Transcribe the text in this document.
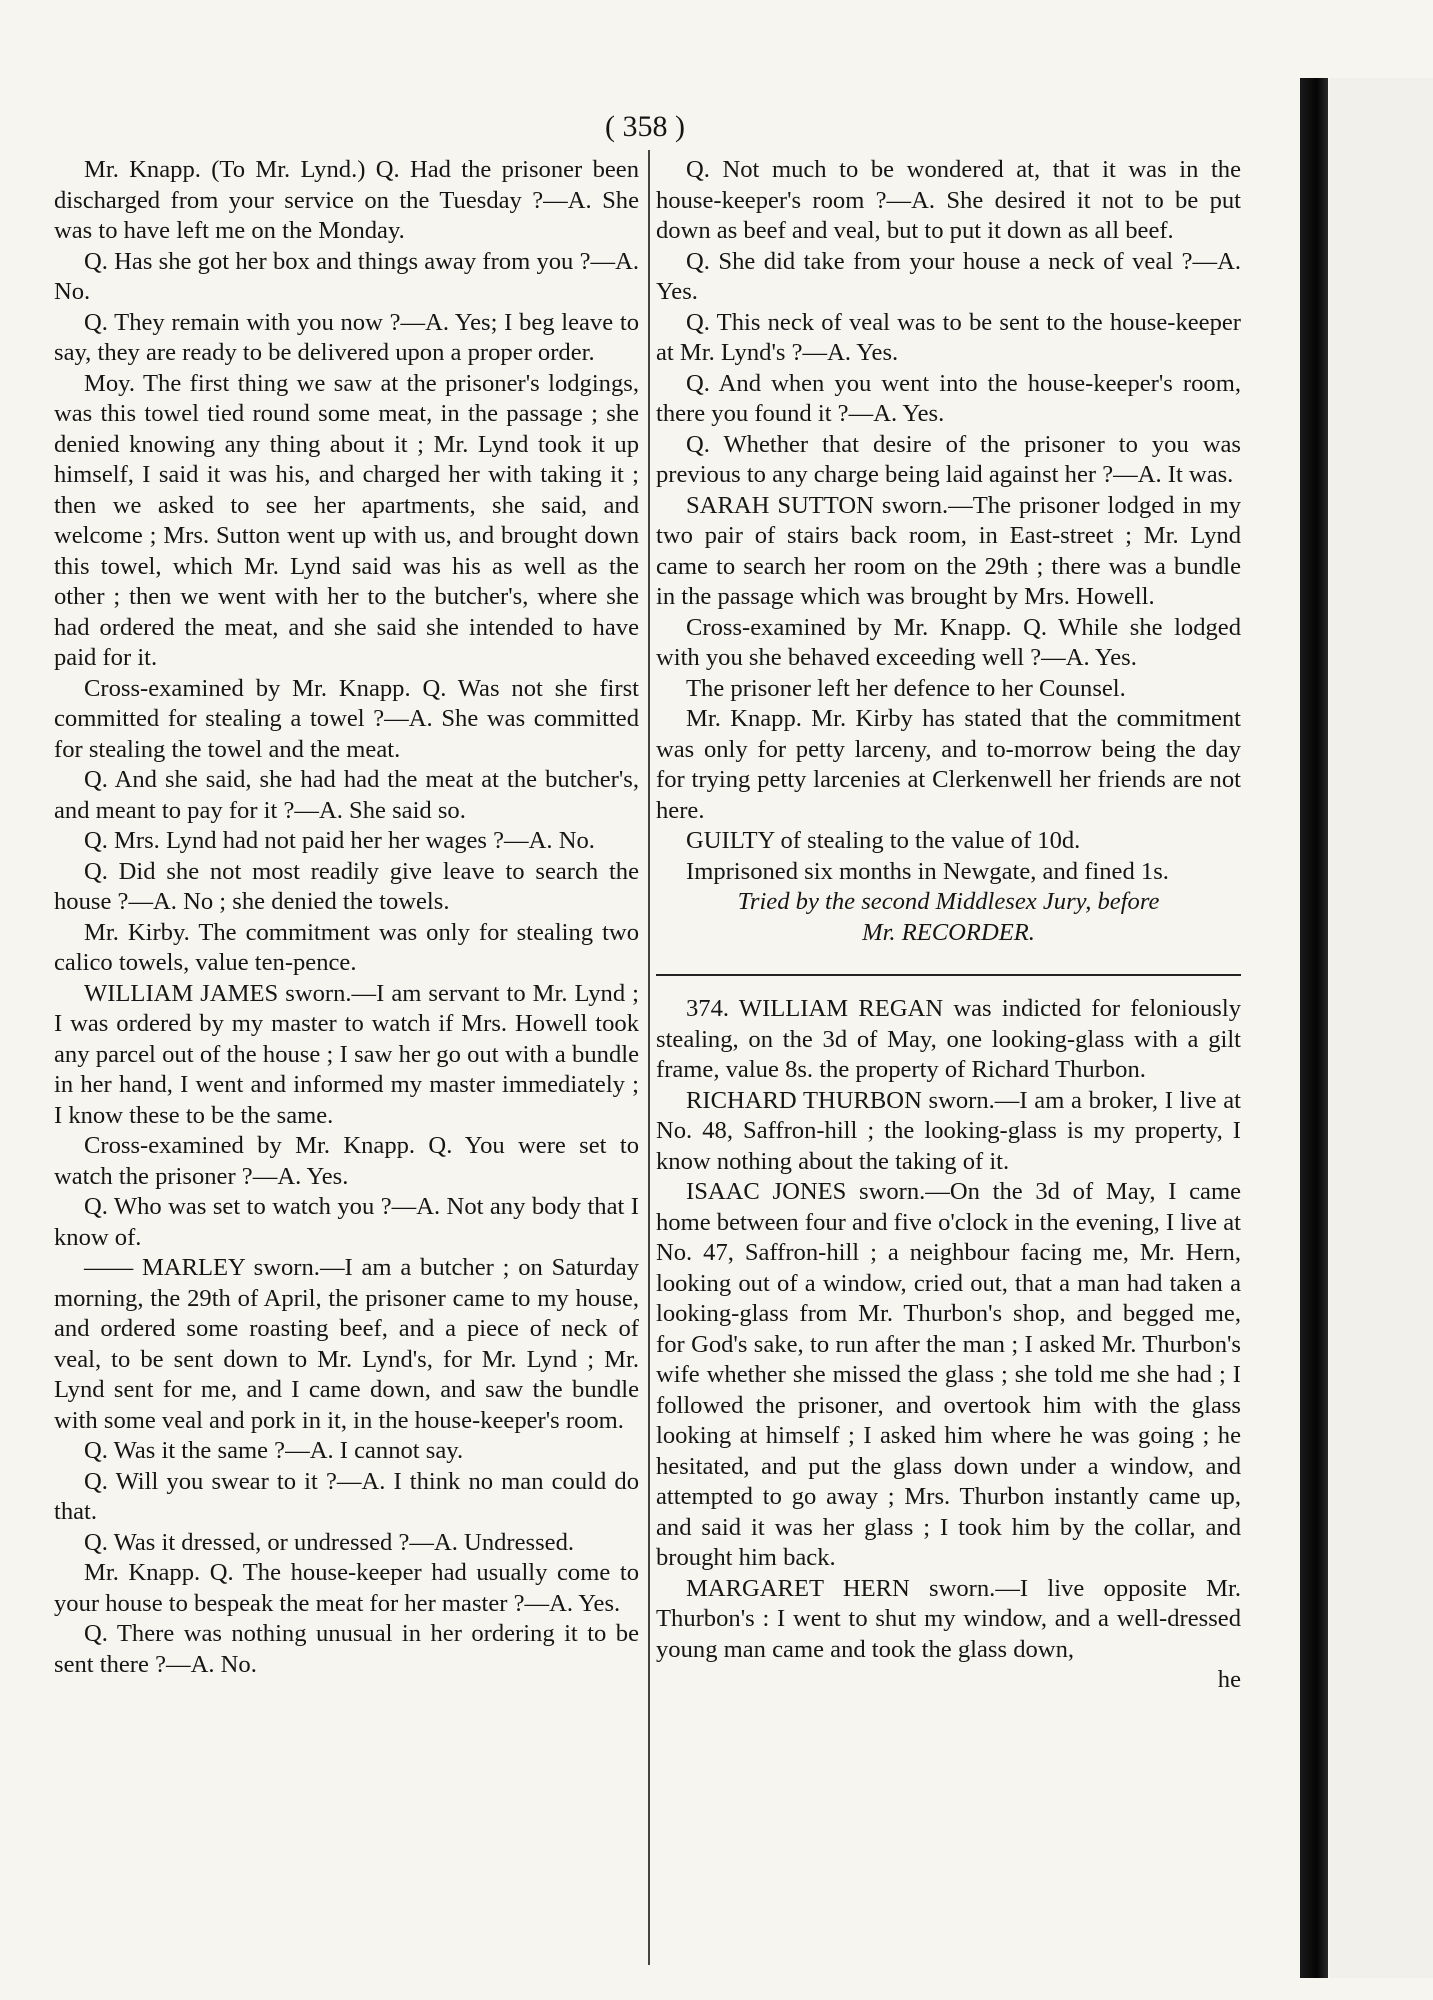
( 358 )

Mr. Knapp. (To Mr. Lynd.) Q. Had the prisoner been discharged from your service on the Tuesday ?—A. She was to have left me on the Monday.

Q. Has she got her box and things away from you ?—A. No.

Q. They remain with you now ?—A. Yes; I beg leave to say, they are ready to be delivered upon a proper order.

Moy. The first thing we saw at the prisoner's lodgings, was this towel tied round some meat, in the passage ; she denied knowing any thing about it ; Mr. Lynd took it up himself, I said it was his, and charged her with taking it ; then we asked to see her apartments, she said, and welcome ; Mrs. Sutton went up with us, and brought down this towel, which Mr. Lynd said was his as well as the other ; then we went with her to the butcher's, where she had ordered the meat, and she said she intended to have paid for it.

Cross-examined by Mr. Knapp. Q. Was not she first committed for stealing a towel ?—A. She was committed for stealing the towel and the meat.

Q. And she said, she had had the meat at the butcher's, and meant to pay for it ?—A. She said so.

Q. Mrs. Lynd had not paid her her wages ?—A. No.

Q. Did she not most readily give leave to search the house ?—A. No ; she denied the towels.

Mr. Kirby. The commitment was only for stealing two calico towels, value ten-pence.

WILLIAM JAMES sworn.—I am servant to Mr. Lynd ; I was ordered by my master to watch if Mrs. Howell took any parcel out of the house ; I saw her go out with a bundle in her hand, I went and informed my master immediately ; I know these to be the same.

Cross-examined by Mr. Knapp. Q. You were set to watch the prisoner ?—A. Yes.

Q. Who was set to watch you ?—A. Not any body that I know of.

—— MARLEY sworn.—I am a butcher ; on Saturday morning, the 29th of April, the prisoner came to my house, and ordered some roasting beef, and a piece of neck of veal, to be sent down to Mr. Lynd's, for Mr. Lynd ; Mr. Lynd sent for me, and I came down, and saw the bundle with some veal and pork in it, in the house-keeper's room.

Q. Was it the same ?—A. I cannot say.

Q. Will you swear to it ?—A. I think no man could do that.

Q. Was it dressed, or undressed ?—A. Undressed.

Mr. Knapp. Q. The house-keeper had usually come to your house to bespeak the meat for her master ?—A. Yes.

Q. There was nothing unusual in her ordering it to be sent there ?—A. No.

Q. Not much to be wondered at, that it was in the house-keeper's room ?—A. She desired it not to be put down as beef and veal, but to put it down as all beef.

Q. She did take from your house a neck of veal ?—A. Yes.

Q. This neck of veal was to be sent to the house-keeper at Mr. Lynd's ?—A. Yes.

Q. And when you went into the house-keeper's room, there you found it ?—A. Yes.

Q. Whether that desire of the prisoner to you was previous to any charge being laid against her ?—A. It was.

SARAH SUTTON sworn.—The prisoner lodged in my two pair of stairs back room, in East-street ; Mr. Lynd came to search her room on the 29th ; there was a bundle in the passage which was brought by Mrs. Howell.

Cross-examined by Mr. Knapp. Q. While she lodged with you she behaved exceeding well ?—A. Yes.

The prisoner left her defence to her Counsel.

Mr. Knapp. Mr. Kirby has stated that the commitment was only for petty larceny, and to-morrow being the day for trying petty larcenies at Clerkenwell her friends are not here.

GUILTY of stealing to the value of 10d.

Imprisoned six months in Newgate, and fined 1s.

Tried by the second Middlesex Jury, before

Mr. RECORDER.

374. WILLIAM REGAN was indicted for feloniously stealing, on the 3d of May, one looking-glass with a gilt frame, value 8s. the property of Richard Thurbon.

RICHARD THURBON sworn.—I am a broker, I live at No. 48, Saffron-hill ; the looking-glass is my property, I know nothing about the taking of it.

ISAAC JONES sworn.—On the 3d of May, I came home between four and five o'clock in the evening, I live at No. 47, Saffron-hill ; a neighbour facing me, Mr. Hern, looking out of a window, cried out, that a man had taken a looking-glass from Mr. Thurbon's shop, and begged me, for God's sake, to run after the man ; I asked Mr. Thurbon's wife whether she missed the glass ; she told me she had ; I followed the prisoner, and overtook him with the glass looking at himself ; I asked him where he was going ; he hesitated, and put the glass down under a window, and attempted to go away ; Mrs. Thurbon instantly came up, and said it was her glass ; I took him by the collar, and brought him back.

MARGARET HERN sworn.—I live opposite Mr. Thurbon's : I went to shut my window, and a well-dressed young man came and took the glass down,

he
